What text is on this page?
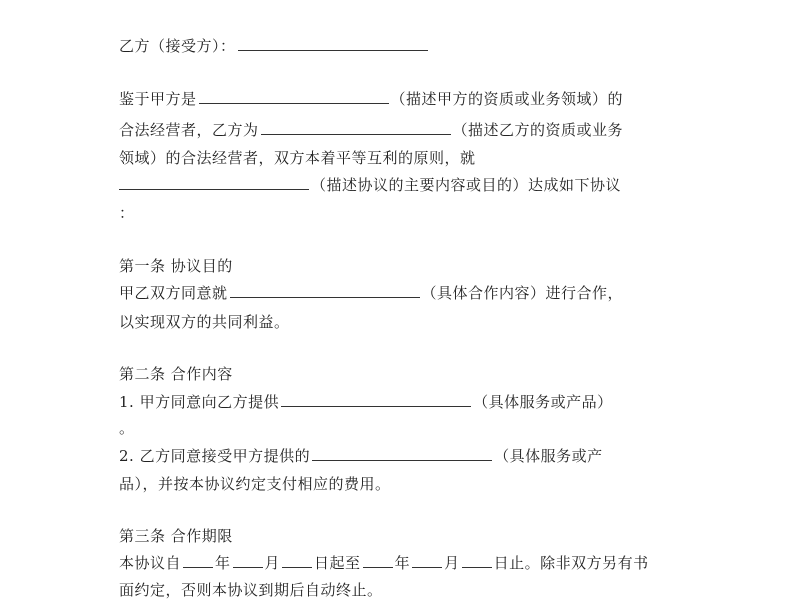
乙方（接受方）：
鉴于甲方是	（描述甲方的资质或业务领域）的
合法经营者，乙方为	（描述乙方的资质或业务
领域）的合法经营者，双方本着平等互利的原则，就
（描述协议的主要内容或目的）达成如下协议
：
第一条 协议目的
甲乙双方同意就	（具体合作内容）进行合作，
以实现双方的共同利益。
第二条 合作内容
1. 甲方同意向乙方提供	（具体服务或产品）
。
2. 乙方同意接受甲方提供的	（具体服务或产
品），并按本协议约定支付相应的费用。
第三条 合作期限
本协议自 年 月 日起至 年 月 日止。除非双方另有书
面约定，否则本协议到期后自动终止。
